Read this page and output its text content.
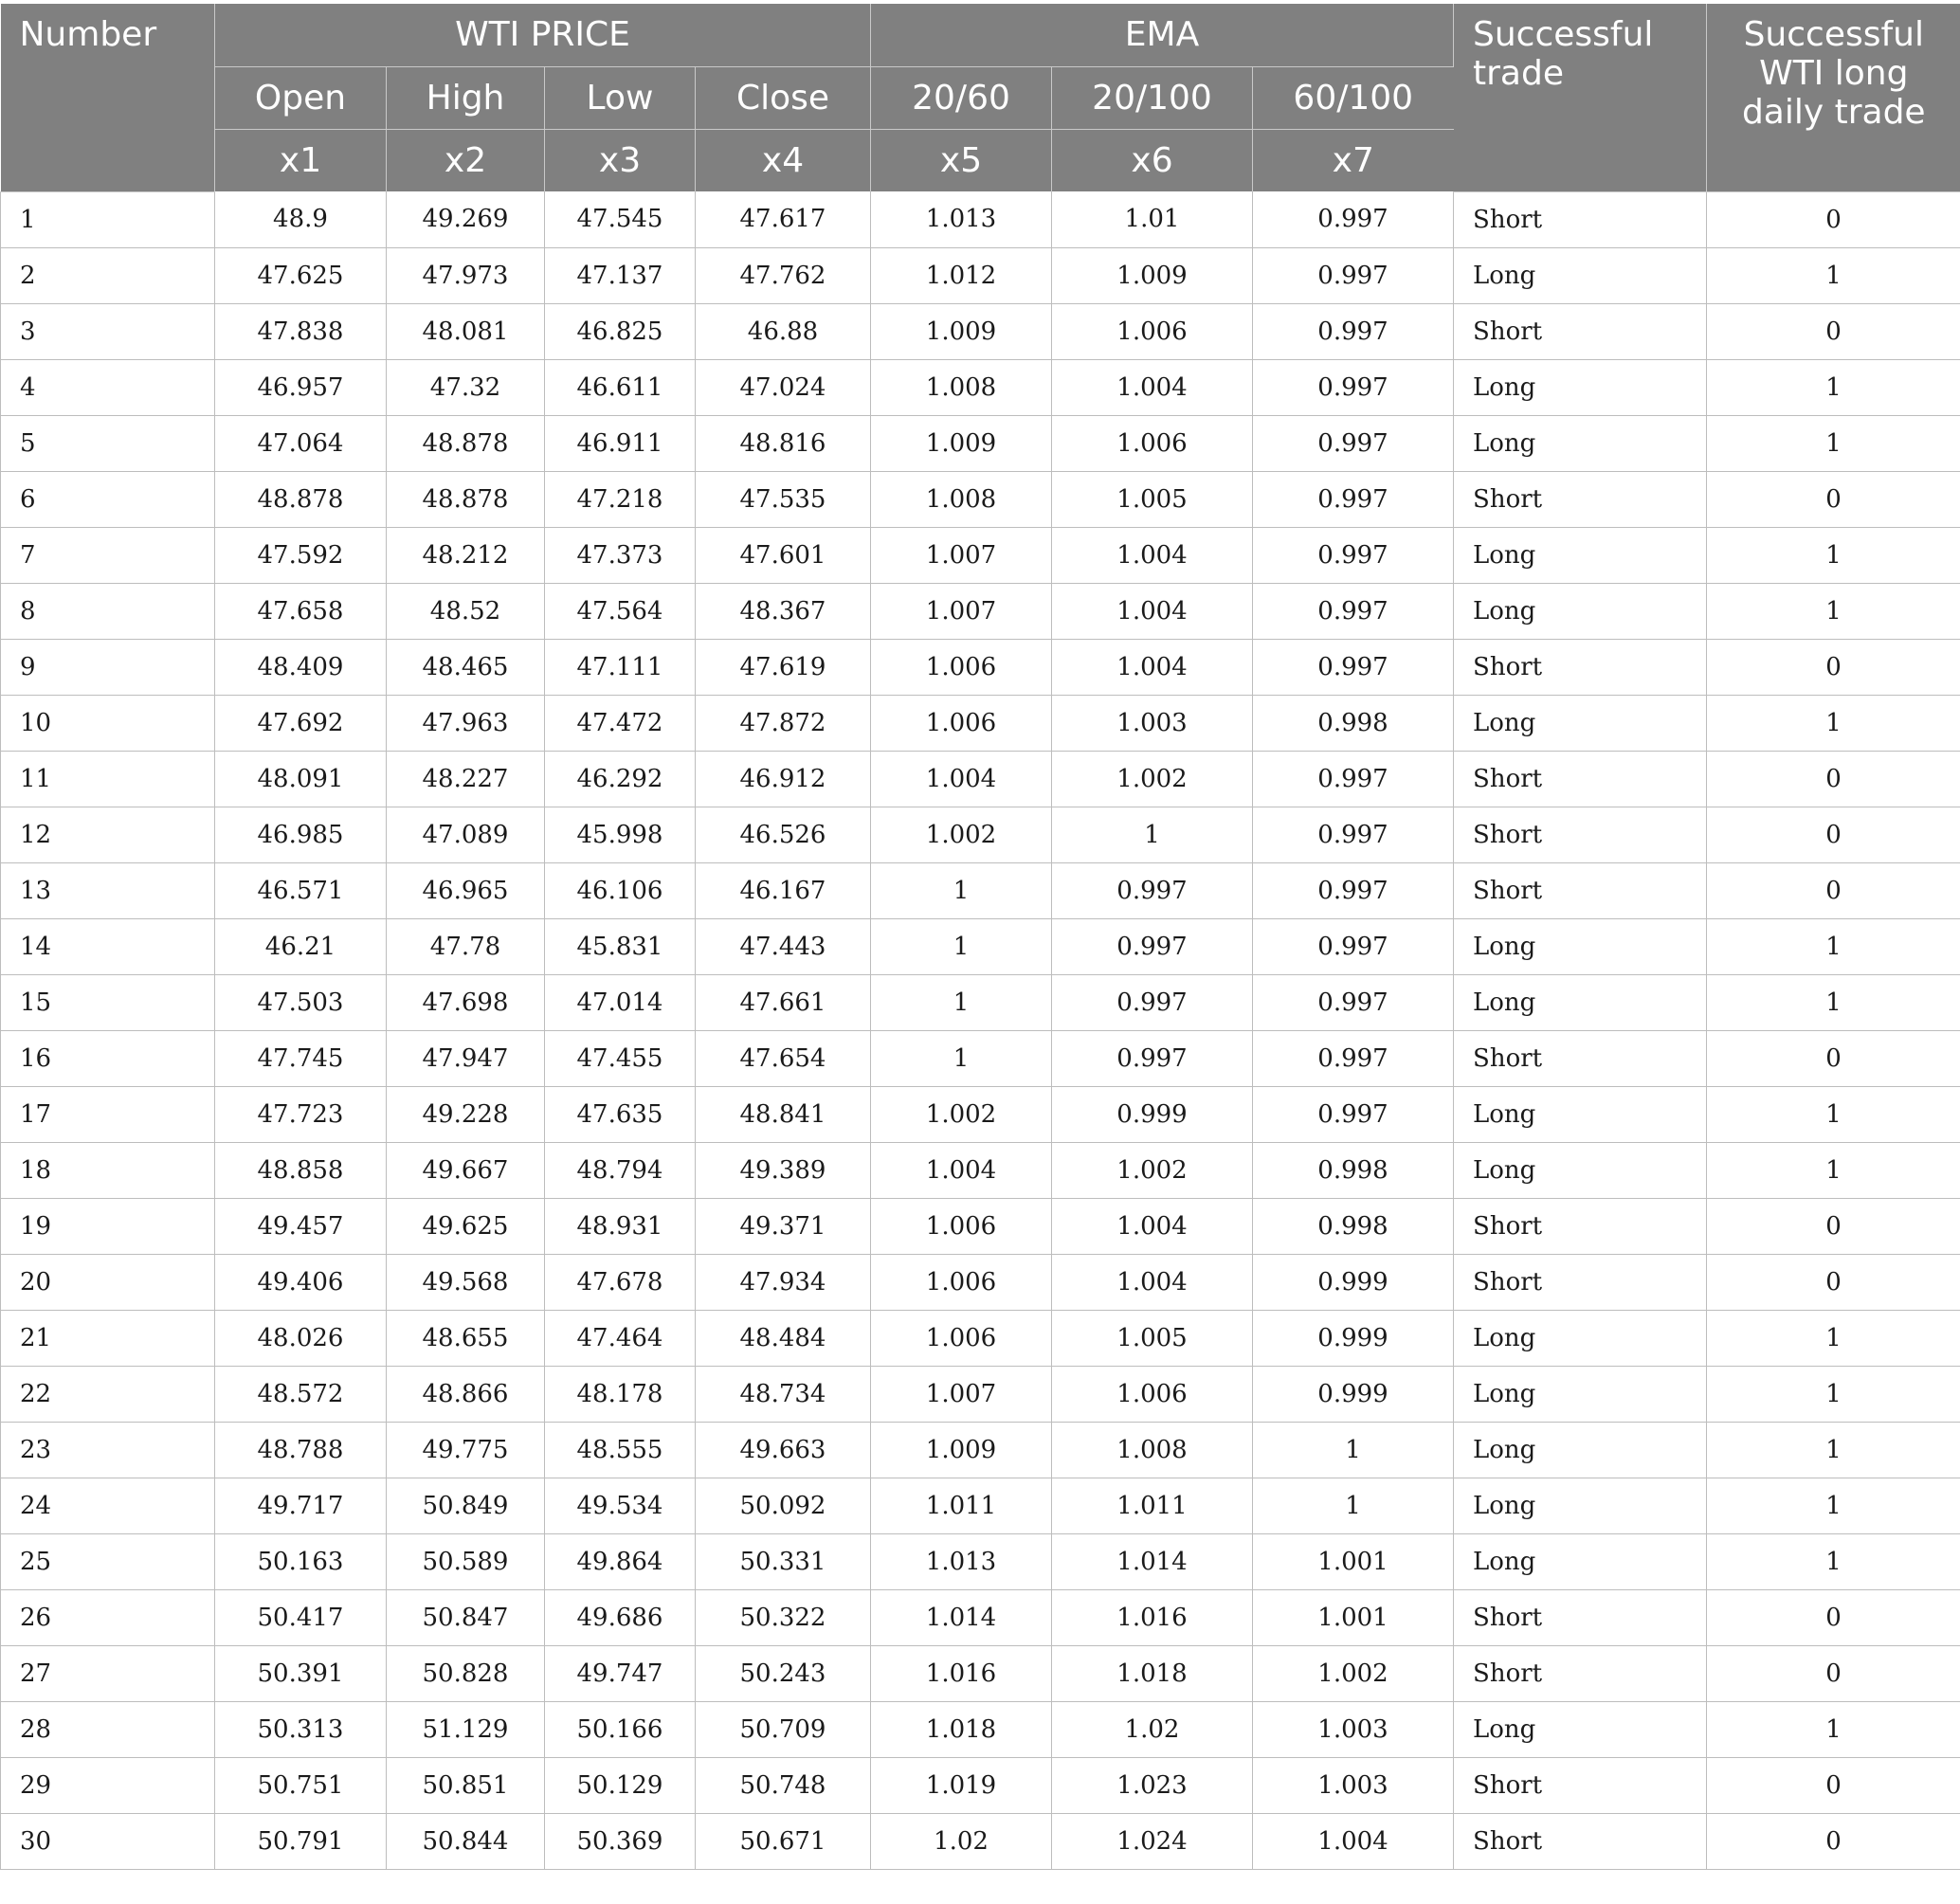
Number	WTI PRICE				EMA			Successful trade	Successful WTI long daily trade
	Open	High	Low	Close	20/60	20/100	60/100		
	x1	x2	x3	x4	x5	x6	x7		
1	48.9	49.269	47.545	47.617	1.013	1.01	0.997	Short	0
2	47.625	47.973	47.137	47.762	1.012	1.009	0.997	Long	1
3	47.838	48.081	46.825	46.88	1.009	1.006	0.997	Short	0
4	46.957	47.32	46.611	47.024	1.008	1.004	0.997	Long	1
5	47.064	48.878	46.911	48.816	1.009	1.006	0.997	Long	1
6	48.878	48.878	47.218	47.535	1.008	1.005	0.997	Short	0
7	47.592	48.212	47.373	47.601	1.007	1.004	0.997	Long	1
8	47.658	48.52	47.564	48.367	1.007	1.004	0.997	Long	1
9	48.409	48.465	47.111	47.619	1.006	1.004	0.997	Short	0
10	47.692	47.963	47.472	47.872	1.006	1.003	0.998	Long	1
11	48.091	48.227	46.292	46.912	1.004	1.002	0.997	Short	0
12	46.985	47.089	45.998	46.526	1.002	1	0.997	Short	0
13	46.571	46.965	46.106	46.167	1	0.997	0.997	Short	0
14	46.21	47.78	45.831	47.443	1	0.997	0.997	Long	1
15	47.503	47.698	47.014	47.661	1	0.997	0.997	Long	1
16	47.745	47.947	47.455	47.654	1	0.997	0.997	Short	0
17	47.723	49.228	47.635	48.841	1.002	0.999	0.997	Long	1
18	48.858	49.667	48.794	49.389	1.004	1.002	0.998	Long	1
19	49.457	49.625	48.931	49.371	1.006	1.004	0.998	Short	0
20	49.406	49.568	47.678	47.934	1.006	1.004	0.999	Short	0
21	48.026	48.655	47.464	48.484	1.006	1.005	0.999	Long	1
22	48.572	48.866	48.178	48.734	1.007	1.006	0.999	Long	1
23	48.788	49.775	48.555	49.663	1.009	1.008	1	Long	1
24	49.717	50.849	49.534	50.092	1.011	1.011	1	Long	1
25	50.163	50.589	49.864	50.331	1.013	1.014	1.001	Long	1
26	50.417	50.847	49.686	50.322	1.014	1.016	1.001	Short	0
27	50.391	50.828	49.747	50.243	1.016	1.018	1.002	Short	0
28	50.313	51.129	50.166	50.709	1.018	1.02	1.003	Long	1
29	50.751	50.851	50.129	50.748	1.019	1.023	1.003	Short	0
30	50.791	50.844	50.369	50.671	1.02	1.024	1.004	Short	0
